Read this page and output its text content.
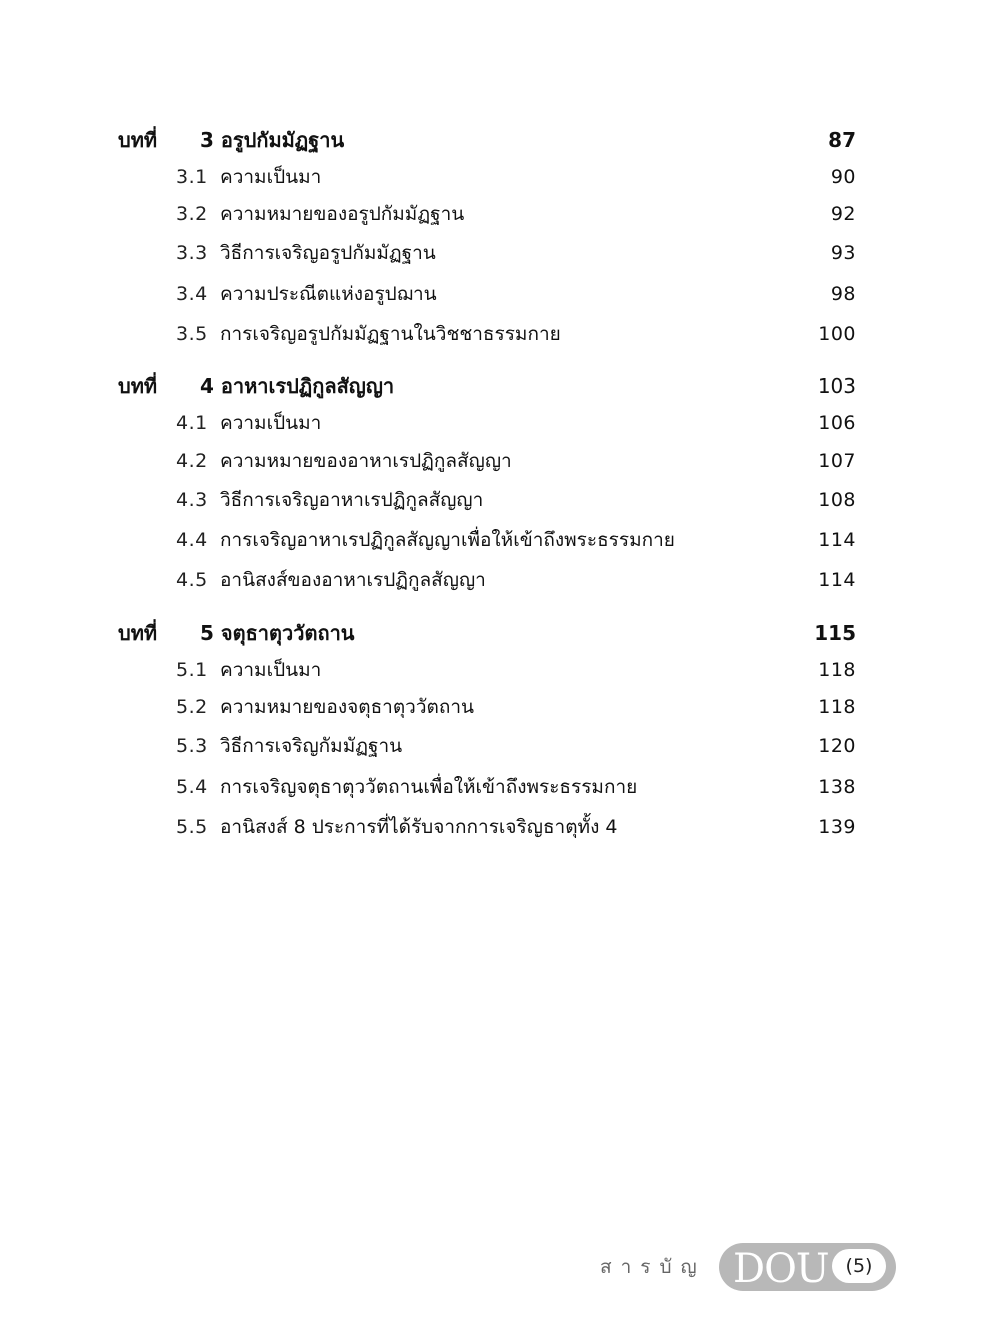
บทที่ 3 อรูปกัมมัฏฐาน	87
3.1 ความเป็นมา	90
3.2 ความหมายของอรูปกัมมัฏฐาน	92
3.3 วิธีการเจริญอรูปกัมมัฏฐาน	93
3.4 ความประณีตแห่งอรูปฌาน	98
3.5 การเจริญอรูปกัมมัฏฐานในวิชชาธรรมกาย	100
บทที่ 4 อาหาเรปฏิกูลสัญญา	103
4.1 ความเป็นมา	106
4.2 ความหมายของอาหาเรปฏิกูลสัญญา	107
4.3 วิธีการเจริญอาหาเรปฏิกูลสัญญา	108
4.4 การเจริญอาหาเรปฏิกูลสัญญาเพื่อให้เข้าถึงพระธรรมกาย	114
4.5 อานิสงส์ของอาหาเรปฏิกูลสัญญา	114
บทที่ 5 จตุธาตุววัตถาน	115
5.1 ความเป็นมา	118
5.2 ความหมายของจตุธาตุววัตถาน	118
5.3 วิธีการเจริญกัมมัฏฐาน	120
5.4 การเจริญจตุธาตุววัตถานเพื่อให้เข้าถึงพระธรรมกาย	138
5.5 อานิสงส์ 8 ประการที่ได้รับจากการเจริญธาตุทั้ง 4	139
สารบัญ DOU (5)
